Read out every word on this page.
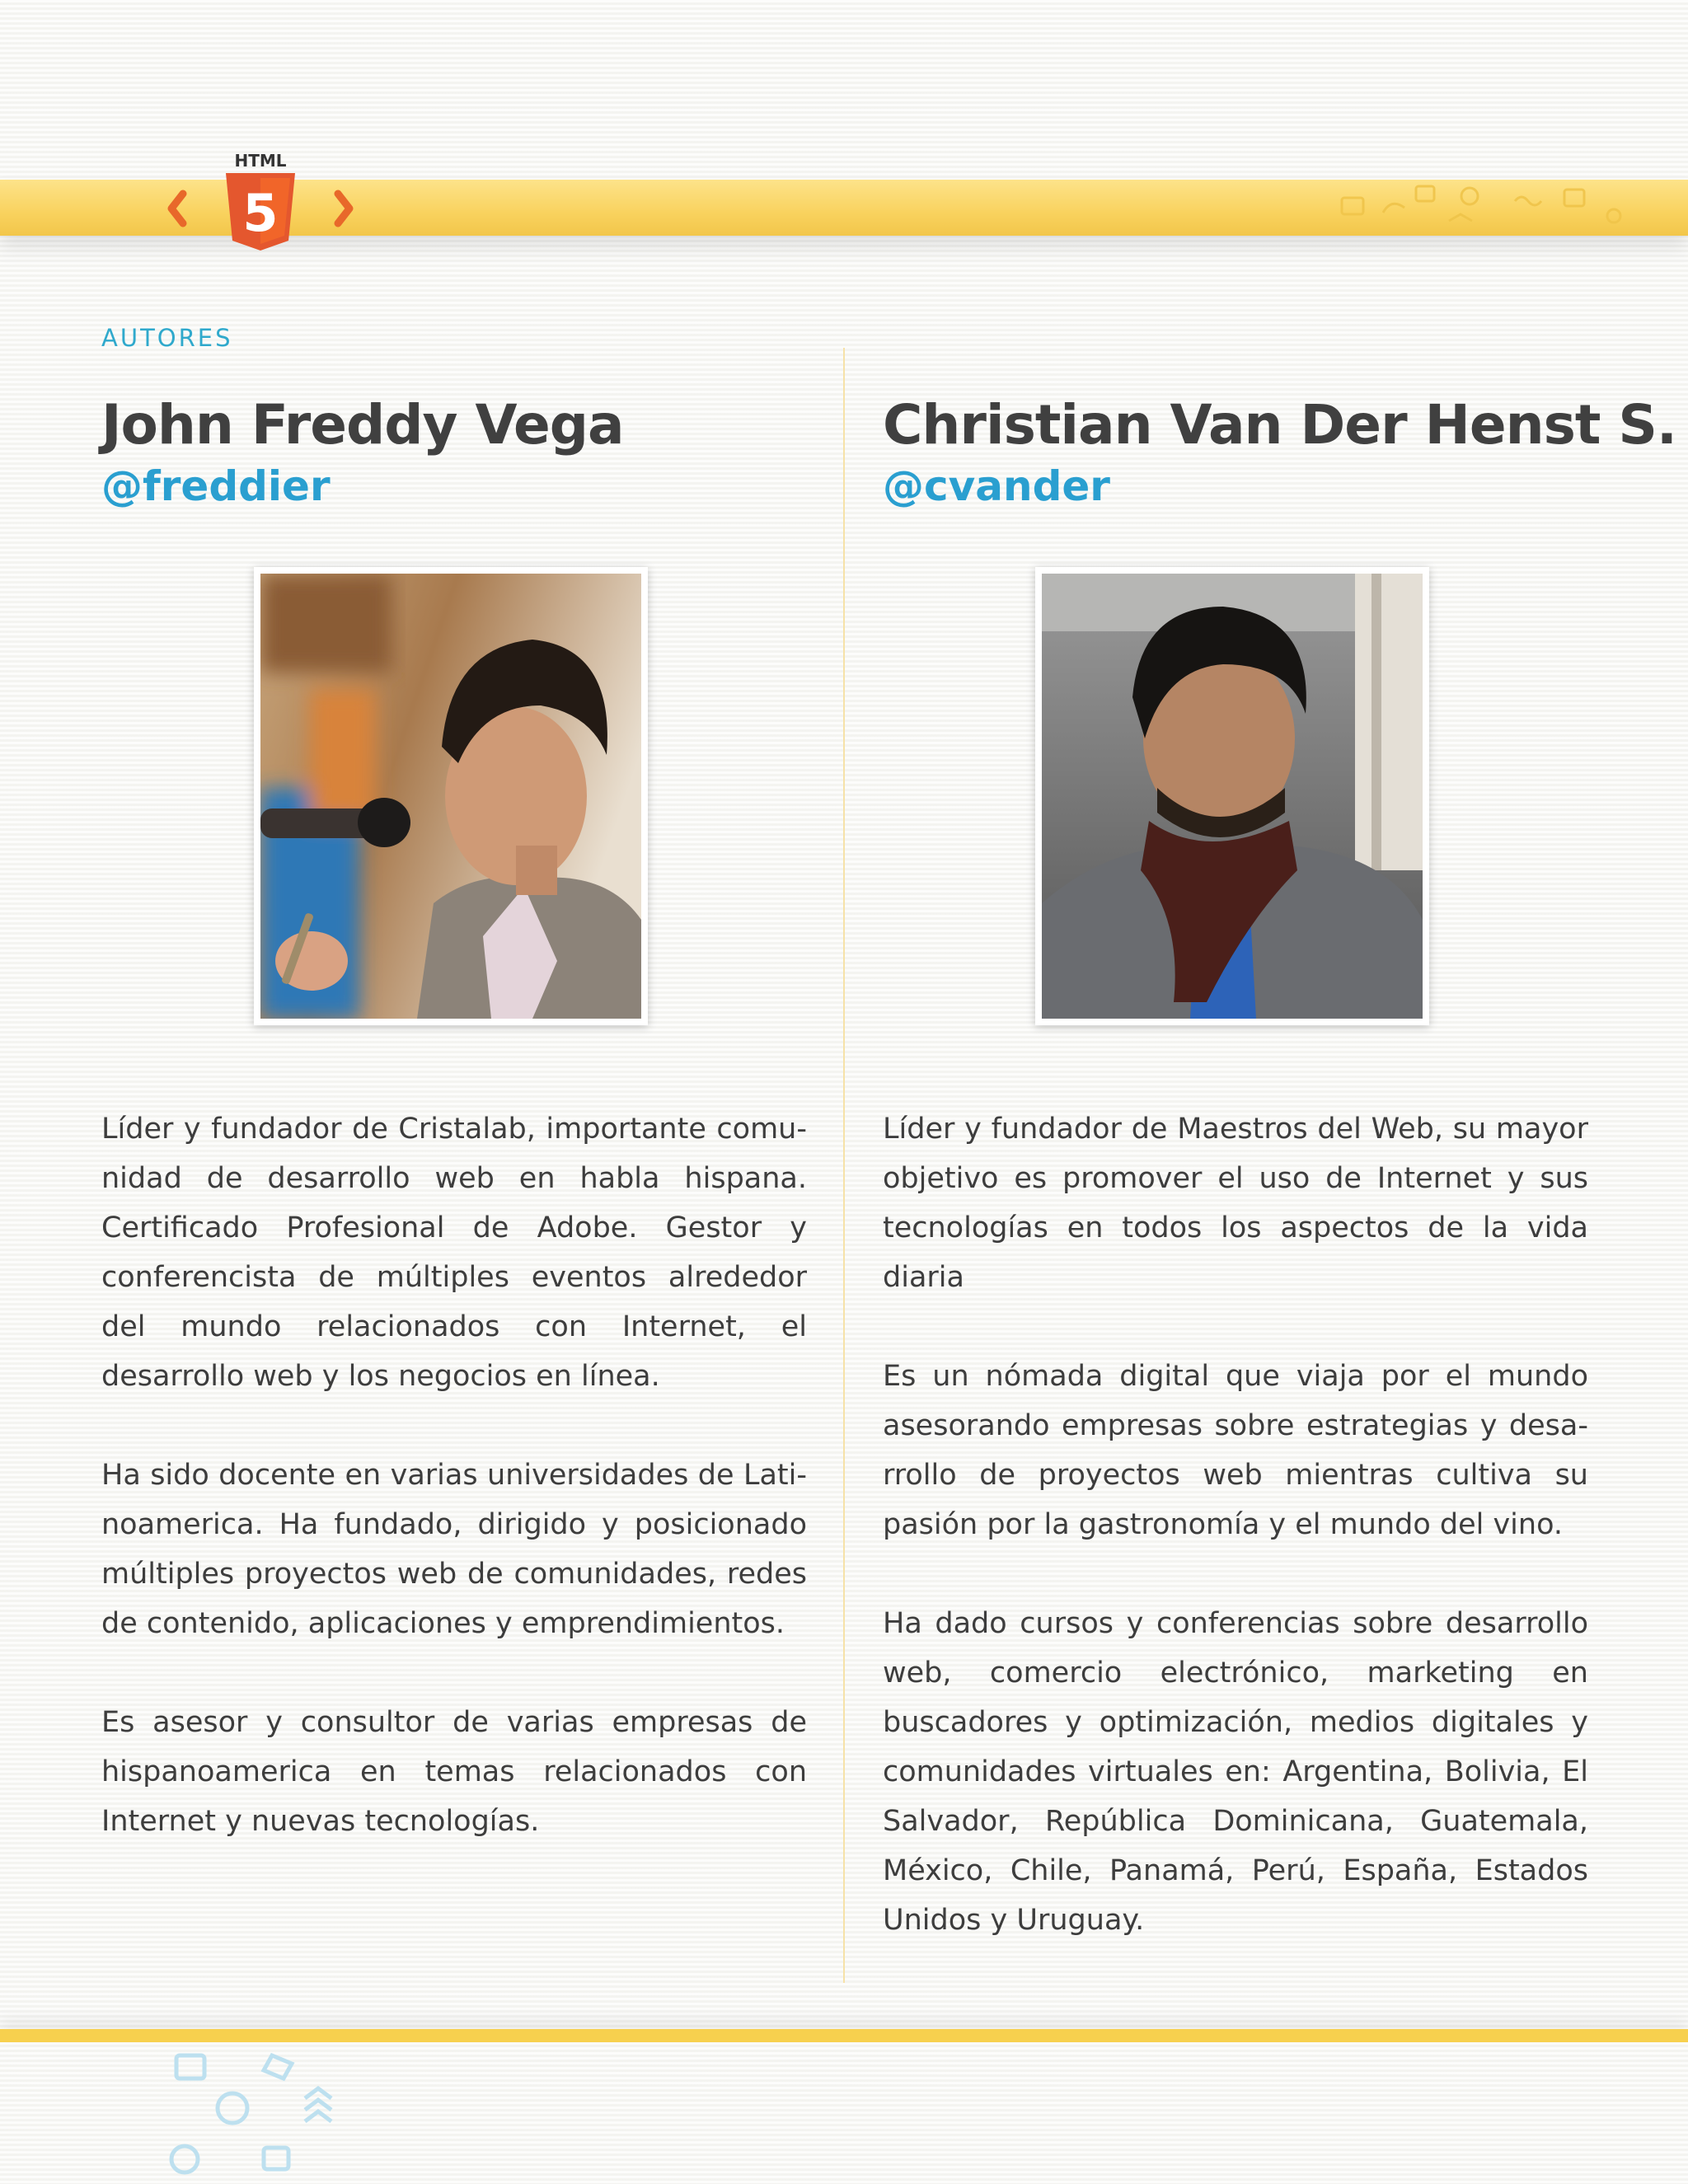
HTML
5
AUTORES
John Freddy Vega
@freddier

Líder y fundador de Cristalab, importante comunidad de desarrollo web en habla hispana. Certificado Profesional de Adobe. Gestor y conferencista de múltiples eventos alrededor del mundo relacionados con Internet, el desarrollo web y los negocios en línea.

Ha sido docente en varias universidades de Latinoamerica. Ha fundado, dirigido y posicionado múltiples proyectos web de comunidades, redes de contenido, aplicaciones y emprendimientos.

Es asesor y consultor de varias empresas de hispanoamerica en temas relacionados con Internet y nuevas tecnologías.

Christian Van Der Henst S.
@cvander

Líder y fundador de Maestros del Web, su mayor objetivo es promover el uso de Internet y sus tecnologías en todos los aspectos de la vida diaria

Es un nómada digital que viaja por el mundo asesorando empresas sobre estrategias y desarrollo de proyectos web mientras cultiva su pasión por la gastronomía y el mundo del vino.

Ha dado cursos y conferencias sobre desarrollo web, comercio electrónico, marketing en buscadores y optimización, medios digitales y comunidades virtuales en: Argentina, Bolivia, El Salvador, República Dominicana, Guatemala, México, Chile, Panamá, Perú, España, Estados Unidos y Uruguay.
